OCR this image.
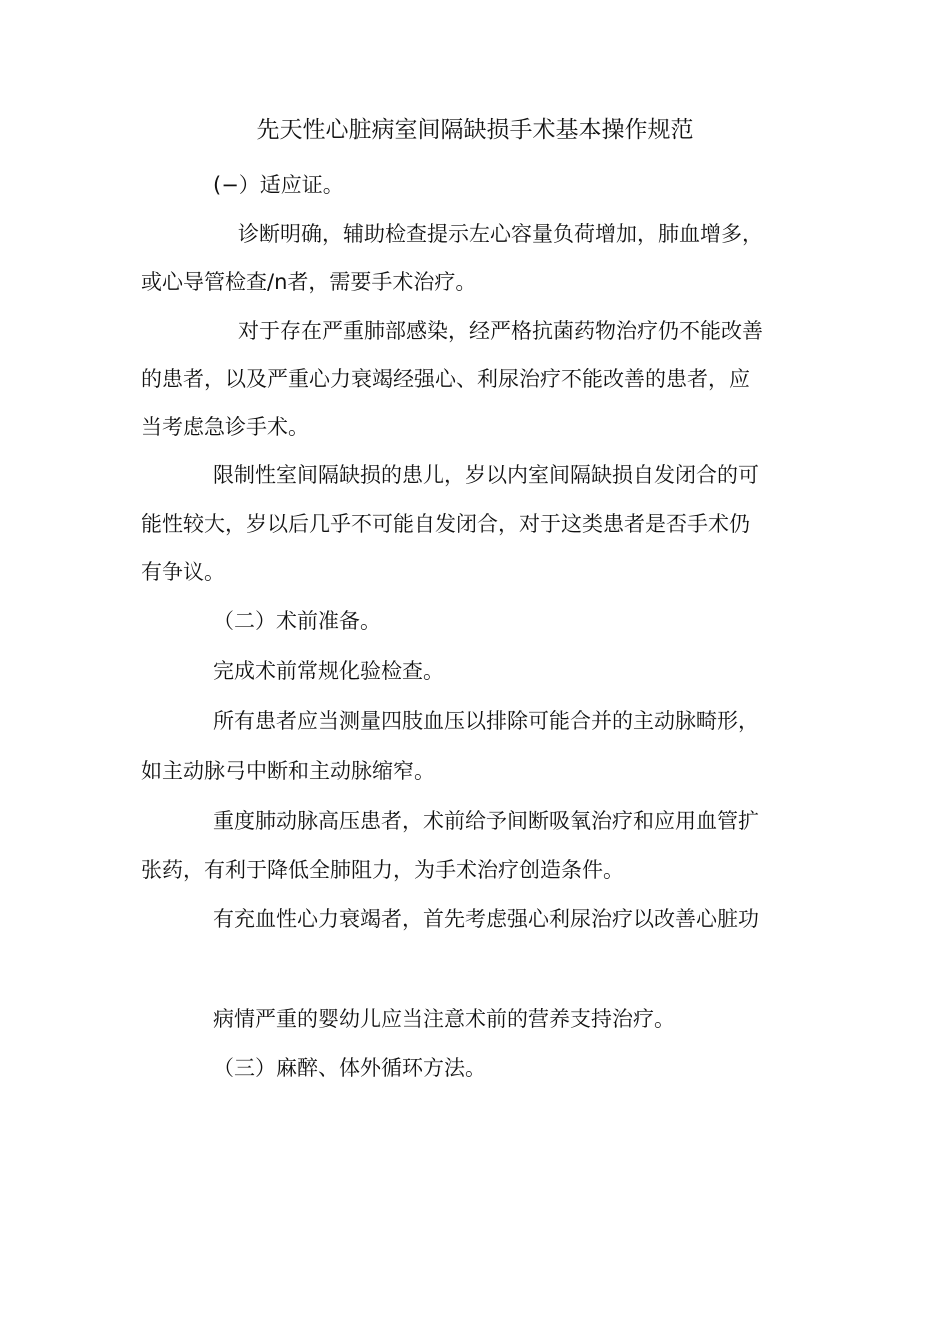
先天性心脏病室间隔缺损手术基本操作规范
(−）适应证。
诊断明确，辅助检查提示左心容量负荷增加，肺血增多，
或心导管检查/n者，需要手术治疗。
对于存在严重肺部感染，经严格抗菌药物治疗仍不能改善
的患者，以及严重心力衰竭经强心、利尿治疗不能改善的患者，应
当考虑急诊手术。
限制性室间隔缺损的患儿，岁以内室间隔缺损自发闭合的可
能性较大，岁以后几乎不可能自发闭合，对于这类患者是否手术仍
有争议。
（二）术前准备。
完成术前常规化验检查。
所有患者应当测量四肢血压以排除可能合并的主动脉畸形，
如主动脉弓中断和主动脉缩窄。
重度肺动脉高压患者，术前给予间断吸氧治疗和应用血管扩
张药，有利于降低全肺阻力，为手术治疗创造条件。
有充血性心力衰竭者，首先考虑强心利尿治疗以改善心脏功
病情严重的婴幼儿应当注意术前的营养支持治疗。
（三）麻醉、体外循环方法。
